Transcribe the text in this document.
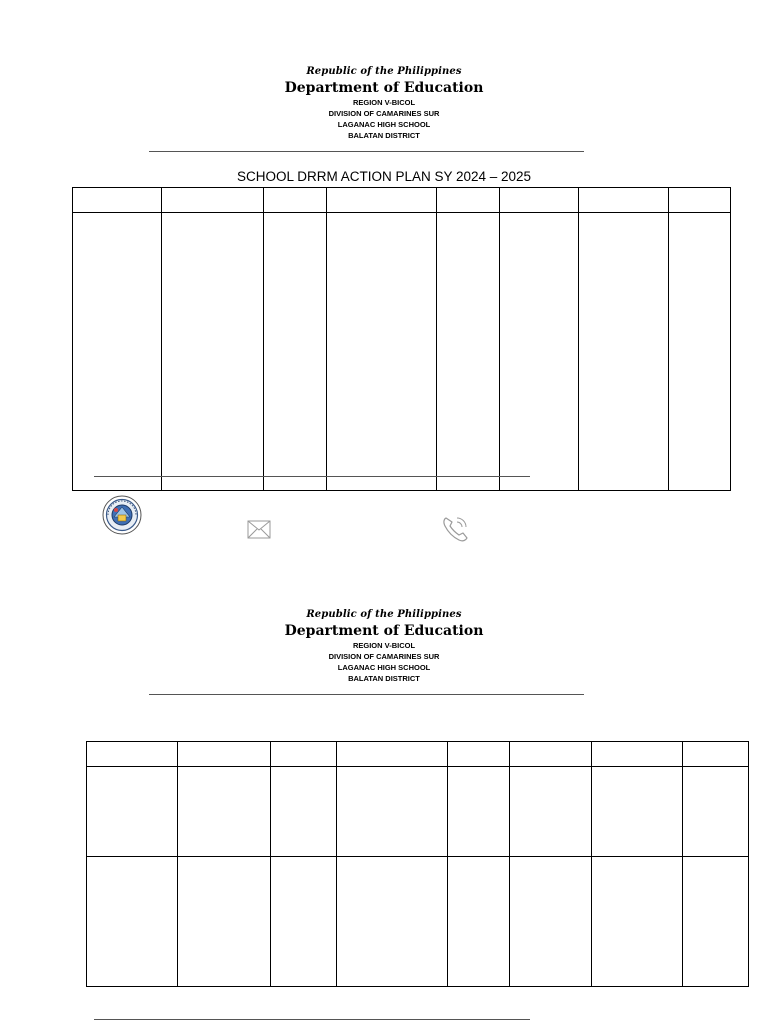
Republic of the Philippines
Department of Education
REGION V-BICOL
DIVISION OF CAMARINES SUR
LAGANAC HIGH SCHOOL
BALATAN DISTRICT
SCHOOL DRRM ACTION PLAN SY 2024 – 2025

Republic of the Philippines
Department of Education
REGION V-BICOL
DIVISION OF CAMARINES SUR
LAGANAC HIGH SCHOOL
BALATAN DISTRICT
